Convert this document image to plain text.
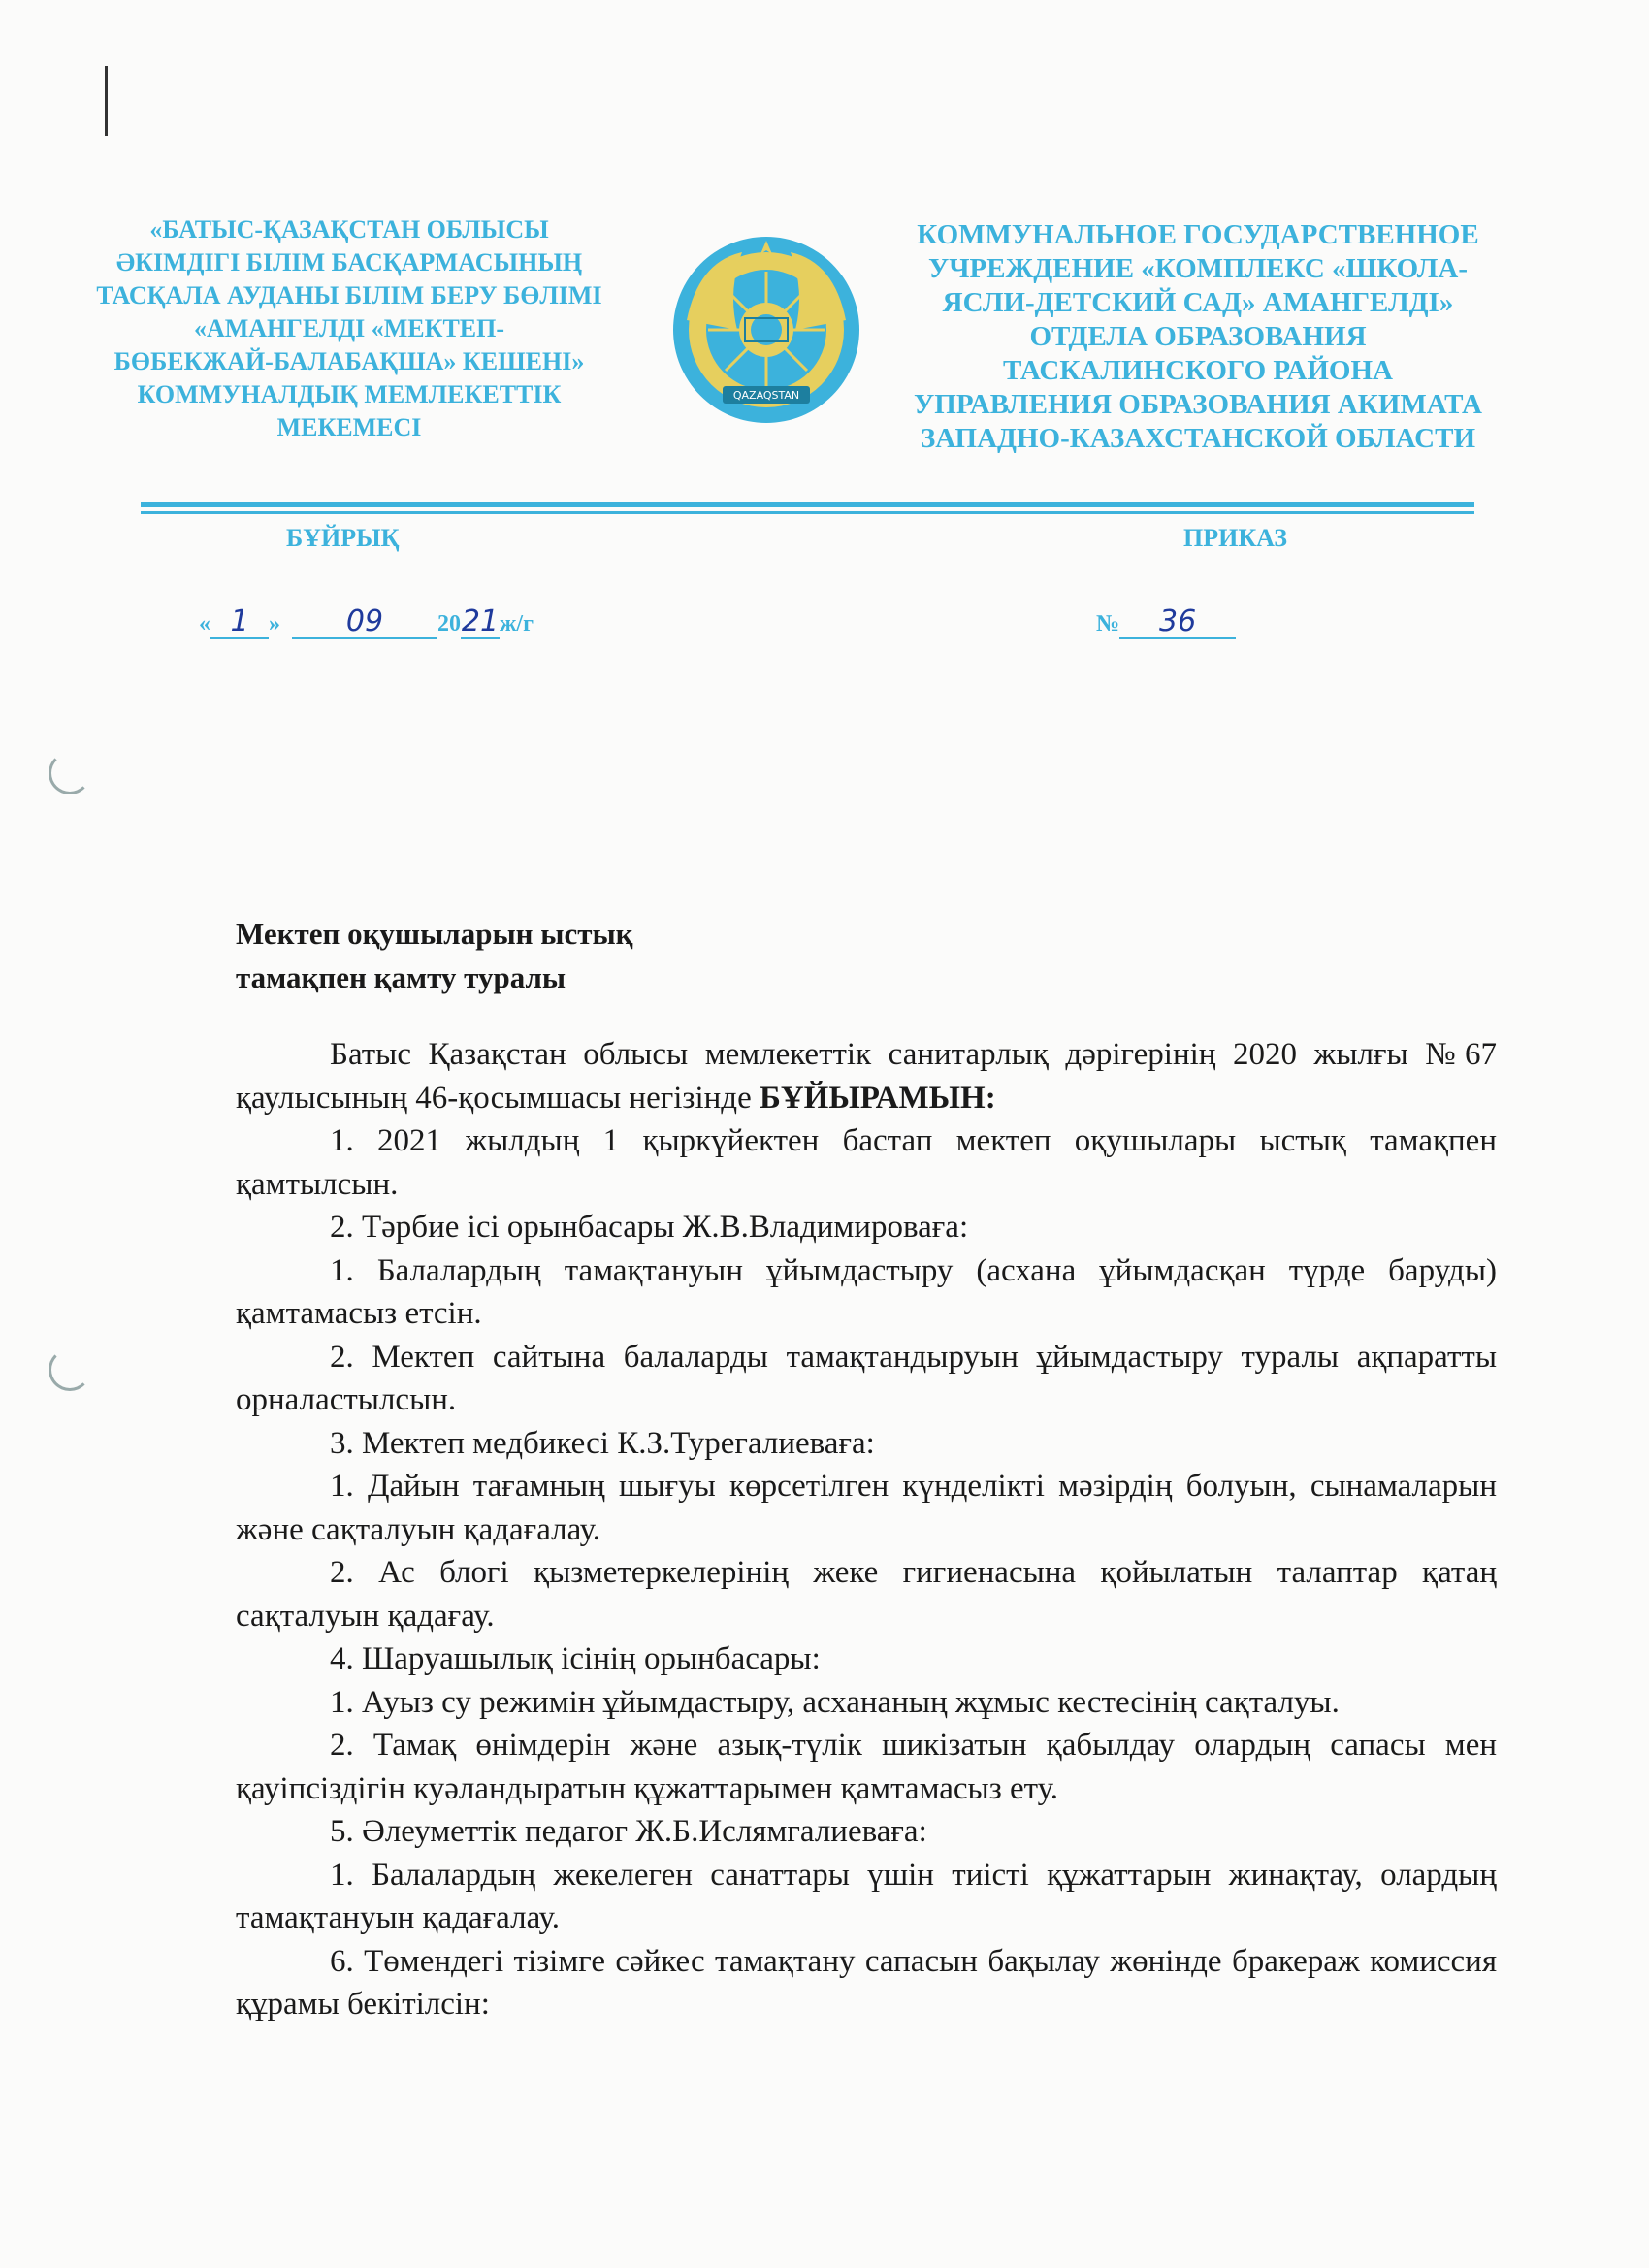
«БАТЫС-ҚАЗАҚСТАН ОБЛЫСЫ
ӘКІМДІГІ БІЛІМ БАСҚАРМАСЫНЫҢ
ТАСҚАЛА АУДАНЫ БІЛІМ БЕРУ БӨЛІМІ
«АМАНГЕЛДІ «МЕКТЕП-
БӨБЕКЖАЙ-БАЛАБАҚША» КЕШЕНІ»
КОММУНАЛДЫҚ МЕМЛЕКЕТТІК
МЕКЕМЕСІ
QAZAQSTAN
КОММУНАЛЬНОЕ ГОСУДАРСТВЕННОЕ
УЧРЕЖДЕНИЕ «КОМПЛЕКС «ШКОЛА-
ЯСЛИ-ДЕТСКИЙ САД» АМАНГЕЛДІ»
ОТДЕЛА ОБРАЗОВАНИЯ
ТАСКАЛИНСКОГО РАЙОНА
УПРАВЛЕНИЯ ОБРАЗОВАНИЯ АКИМАТА
ЗАПАДНО-КАЗАХСТАНСКОЙ ОБЛАСТИ
БҰЙРЫҚ	ПРИКАЗ
« 1 » 09 2021ж/г	№ 36
Мектеп оқушыларын ыстық
тамақпен қамту туралы

Батыс Қазақстан облысы мемлекеттік санитарлық дәрігерінің 2020 жылғы №67 қаулысының 46-қосымшасы негізінде БҰЙЫРАМЫН:

1. 2021 жылдың 1 қыркүйектен бастап мектеп оқушылары ыстық тамақпен қамтылсын.

2. Тәрбие ісі орынбасары Ж.В.Владимироваға:

1. Балалардың тамақтануын ұйымдастыру (асхана ұйымдасқан түрде баруды) қамтамасыз етсін.

2. Мектеп сайтына балаларды тамақтандыруын ұйымдастыру туралы ақпаратты орналастылсын.

3. Мектеп медбикесі К.З.Турегалиеваға:

1. Дайын тағамның шығуы көрсетілген күнделікті мәзірдің болуын, сынамаларын және сақталуын қадағалау.

2. Ас блогі қызметеркелерінің жеке гигиенасына қойылатын талаптар қатаң сақталуын қадағау.

4. Шаруашылық ісінің орынбасары:

1. Ауыз су режимін ұйымдастыру, асхананың жұмыс кестесінің сақталуы.

2. Тамақ өнімдерін және азық-түлік шикізатын қабылдау олардың сапасы мен қауіпсіздігін куәландыратын құжаттарымен қамтамасыз ету.

5. Әлеуметтік педагог Ж.Б.Ислямгалиеваға:

1. Балалардың жекелеген санаттары үшін тиісті құжаттарын жинақтау, олардың тамақтануын қадағалау.

6. Төмендегі тізімге сәйкес тамақтану сапасын бақылау жөнінде бракераж комиссия құрамы бекітілсін:
